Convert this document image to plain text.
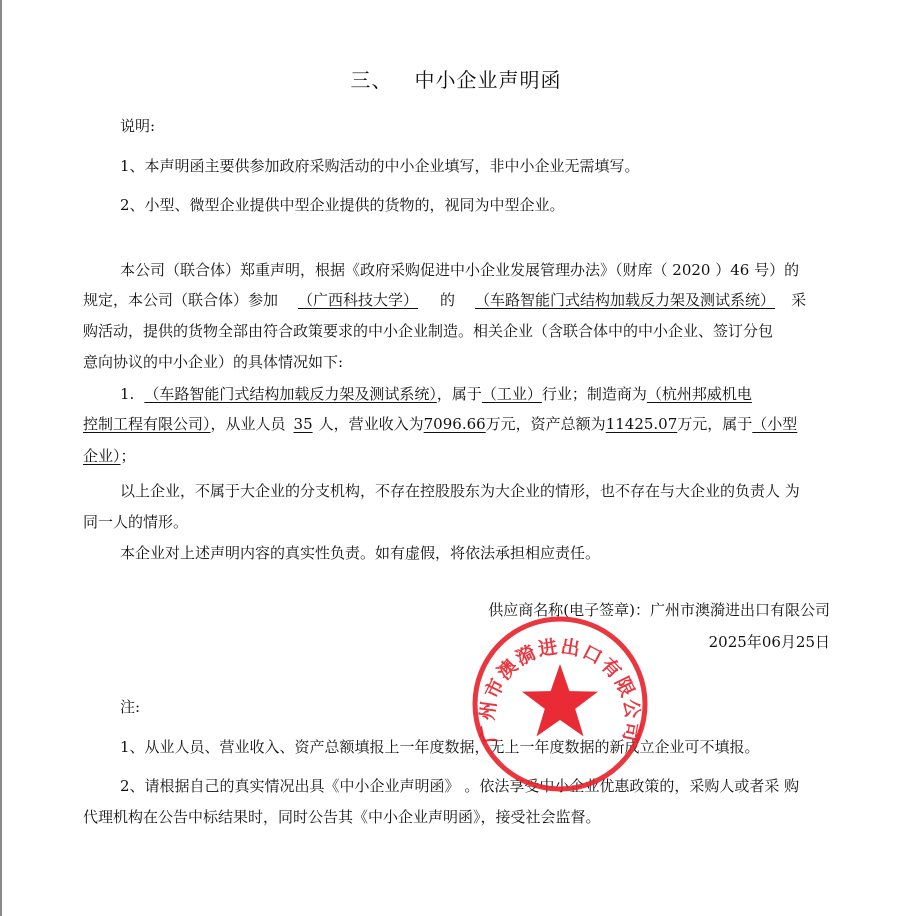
三、 中小企业声明函
说明:
1、本声明函主要供参加政府采购活动的中小企业填写，非中小企业无需填写。
2、小型、微型企业提供中型企业提供的货物的，视同为中型企业。
本公司（联合体）郑重声明，根据《政府采购促进中小企业发展管理办法》（财库（ 2020 ）46 号）的
规定，本公司（联合体）参加 （广西科技大学） 的 （车路智能门式结构加载反力架及测试系统） 采
购活动，提供的货物全部由符合政策要求的中小企业制造。相关企业（含联合体中的中小企业、签订分包
意向协议的中小企业）的具体情况如下:
1. （车路智能门式结构加载反力架及测试系统），属于（工业）行业；制造商为（杭州邦威机电
控制工程有限公司），从业人员 35 人，营业收入为7096.66万元，资产总额为11425.07万元，属于（小型
企业）；
以上企业，不属于大企业的分支机构，不存在控股股东为大企业的情形，也不存在与大企业的负责人 为
同一人的情形。
本企业对上述声明内容的真实性负责。如有虚假，将依法承担相应责任。
供应商名称(电子签章)：广州市澳漪进出口有限公司
2025年06月25日
注:
1、从业人员、营业收入、资产总额填报上一年度数据，无上一年度数据的新成立企业可不填报。
2、请根据自己的真实情况出具《中小企业声明函》 。依法享受中小企业优惠政策的，采购人或者采 购
代理机构在公告中标结果时，同时公告其《中小企业声明函》，接受社会监督。
广州市澳漪进出口有限公司
